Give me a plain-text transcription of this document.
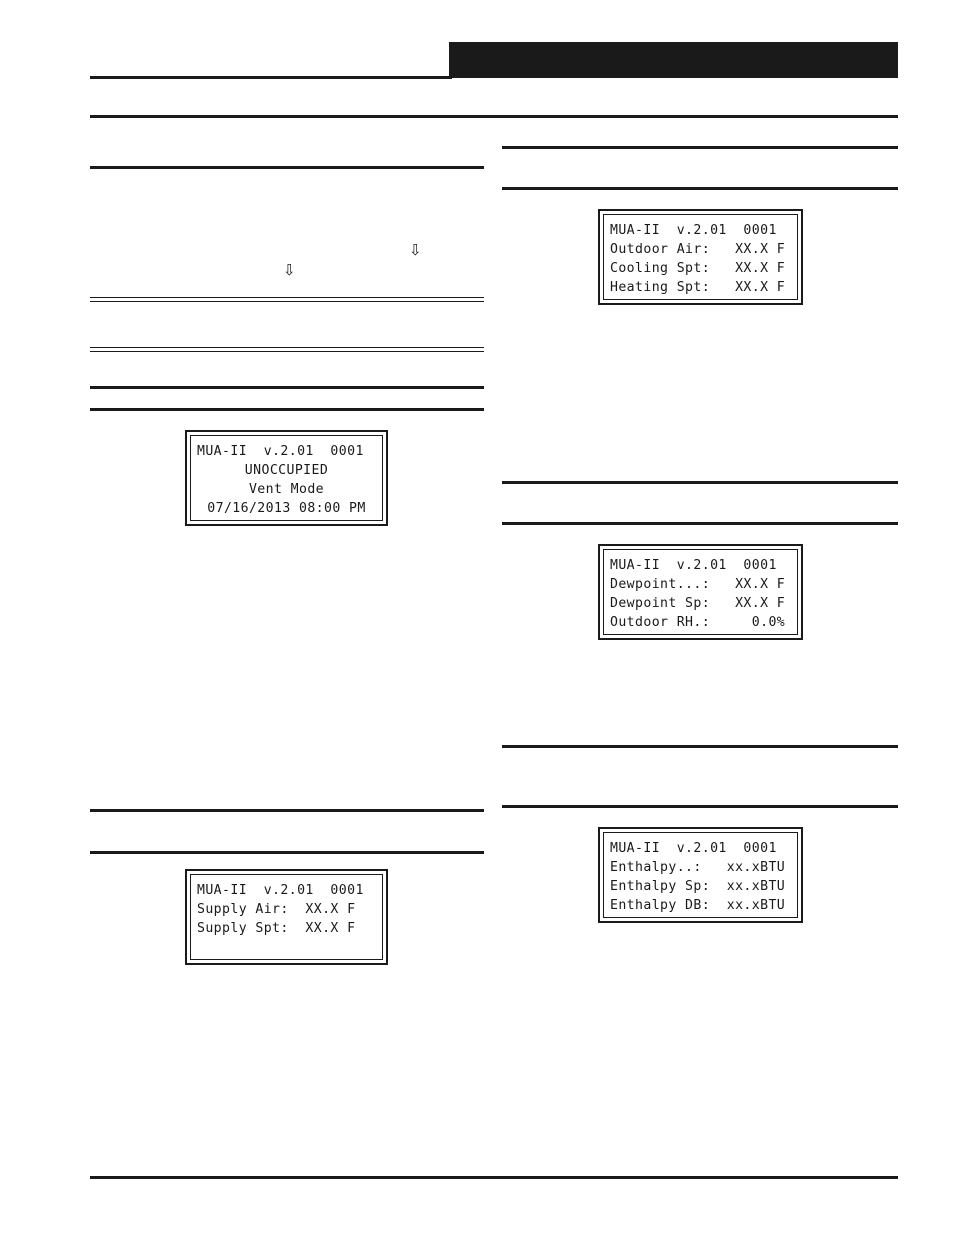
⇩
⇩
MUA-II  v.2.01  0001
UNOCCUPIED
Vent Mode
07/16/2013 08:00 PM
MUA-II  v.2.01  0001
Supply Air:  XX.X F
Supply Spt:  XX.X F
MUA-II  v.2.01  0001
Outdoor Air:   XX.X F
Cooling Spt:   XX.X F
Heating Spt:   XX.X F
MUA-II  v.2.01  0001
Dewpoint...:   XX.X F
Dewpoint Sp:   XX.X F
Outdoor RH.:     0.0%
MUA-II  v.2.01  0001
Enthalpy..:   xx.xBTU
Enthalpy Sp:  xx.xBTU
Enthalpy DB:  xx.xBTU
